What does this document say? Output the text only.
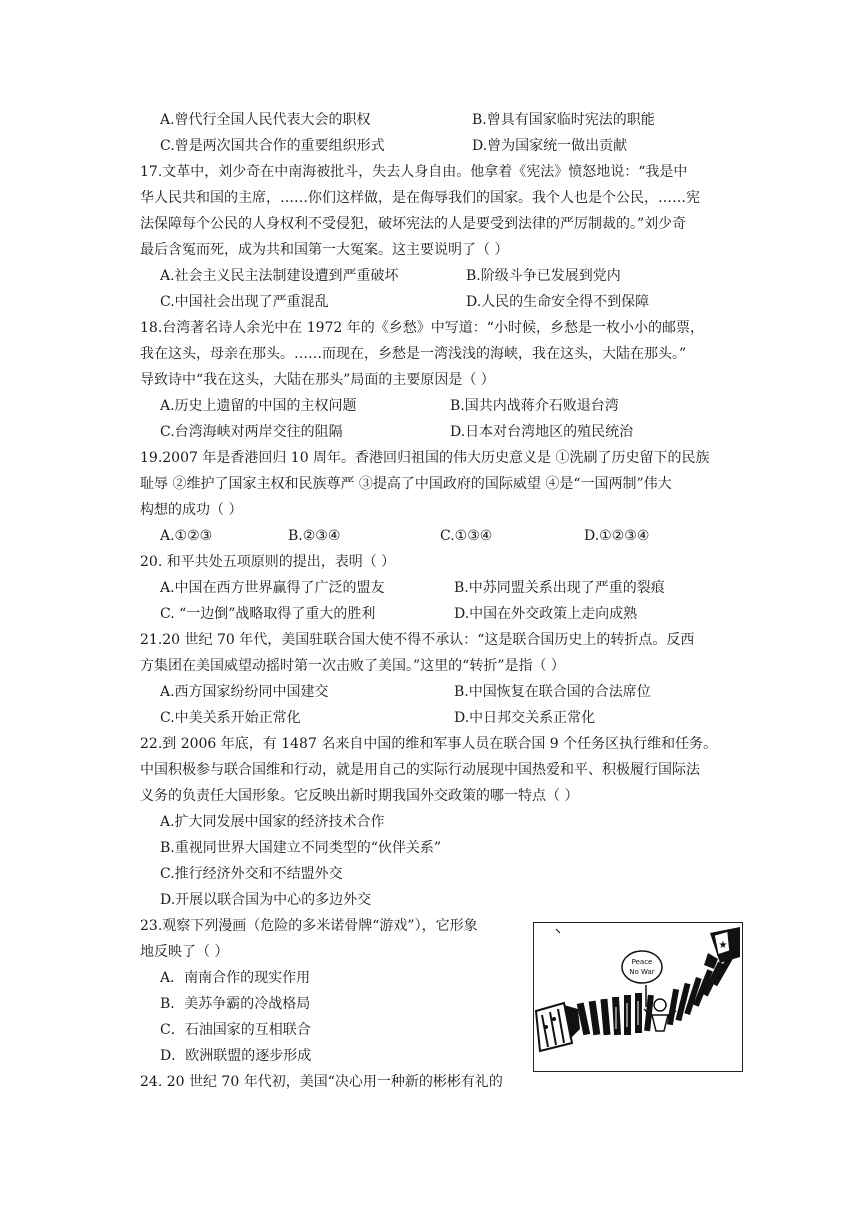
A.曾代行全国人民代表大会的职权	B.曾具有国家临时宪法的职能
C.曾是两次国共合作的重要组织形式	D.曾为国家统一做出贡献
17.文革中，刘少奇在中南海被批斗，失去人身自由。他拿着《宪法》愤怒地说：“我是中
华人民共和国的主席，……你们这样做，是在侮辱我们的国家。我个人也是个公民，……宪
法保障每个公民的人身权利不受侵犯，破坏宪法的人是要受到法律的严厉制裁的。”刘少奇
最后含冤而死，成为共和国第一大冤案。这主要说明了（ ）
A.社会主义民主法制建设遭到严重破坏	B.阶级斗争已发展到党内
C.中国社会出现了严重混乱	D.人民的生命安全得不到保障
18.台湾著名诗人余光中在 1972 年的《乡愁》中写道：“小时候，乡愁是一枚小小的邮票，
我在这头，母亲在那头。……而现在，乡愁是一湾浅浅的海峡，我在这头，大陆在那头。”
导致诗中“我在这头，大陆在那头”局面的主要原因是（ ）
A.历史上遗留的中国的主权问题	B.国共内战蒋介石败退台湾
C.台湾海峡对两岸交往的阻隔	D.日本对台湾地区的殖民统治
19.2007 年是香港回归 10 周年。香港回归祖国的伟大历史意义是 ①洗刷了历史留下的民族
耻辱 ②维护了国家主权和民族尊严 ③提高了中国政府的国际威望 ④是“一国两制”伟大
构想的成功（ ）
A.①②③	B.②③④	C.①③④	D.①②③④
20. 和平共处五项原则的提出，表明（ ）
A.中国在西方世界赢得了广泛的盟友	B.中苏同盟关系出现了严重的裂痕
C. “一边倒”战略取得了重大的胜利	D.中国在外交政策上走向成熟
21.20 世纪 70 年代，美国驻联合国大使不得不承认：“这是联合国历史上的转折点。反西
方集团在美国威望动摇时第一次击败了美国。”这里的“转折”是指（ ）
A.西方国家纷纷同中国建交	B.中国恢复在联合国的合法席位
C.中美关系开始正常化	D.中日邦交关系正常化
22.到 2006 年底，有 1487 名来自中国的维和军事人员在联合国 9 个任务区执行维和任务。
中国积极参与联合国维和行动，就是用自己的实际行动展现中国热爱和平、积极履行国际法
义务的负责任大国形象。它反映出新时期我国外交政策的哪一特点（ ）
A.扩大同发展中国家的经济技术合作
B.重视同世界大国建立不同类型的“伙伴关系”
C.推行经济外交和不结盟外交
D.开展以联合国为中心的多边外交
23.观察下列漫画（危险的多米诺骨牌“游戏”），它形象
地反映了（ ）
A．南南合作的现实作用
B．美苏争霸的冷战格局
C．石油国家的互相联合
D．欧洲联盟的逐步形成
Peace
No War
★
24. 20 世纪 70 年代初，美国“决心用一种新的彬彬有礼的
